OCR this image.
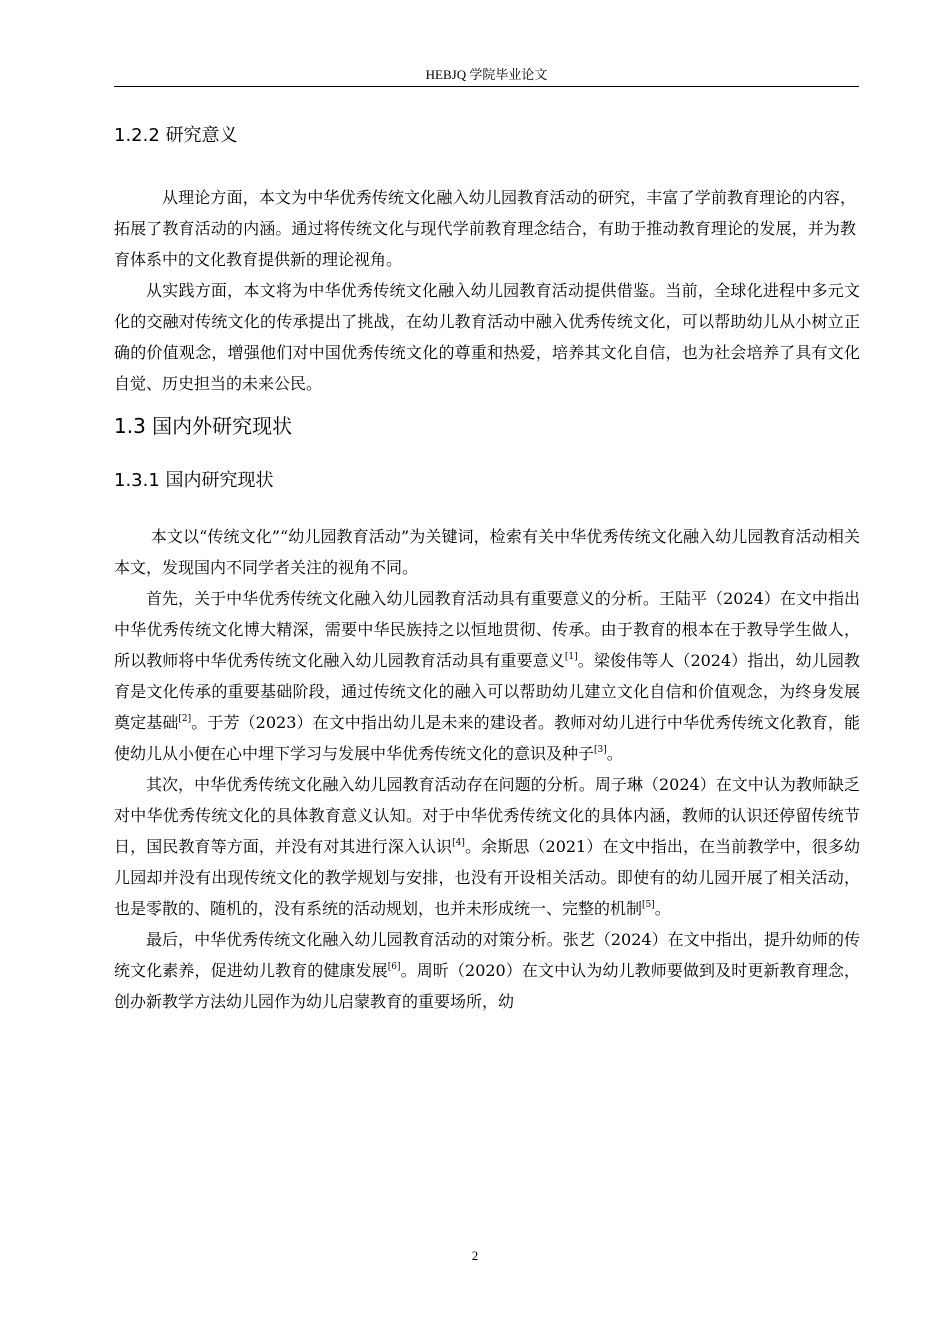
HEBJQ 学院毕业论文
1.2.2 研究意义

从理论方面，本文为中华优秀传统文化融入幼儿园教育活动的研究，丰富了学前教育理论的内容，拓展了教育活动的内涵。通过将传统文化与现代学前教育理念结合，有助于推动教育理论的发展，并为教育体系中的文化教育提供新的理论视角。

从实践方面，本文将为中华优秀传统文化融入幼儿园教育活动提供借鉴。当前，全球化进程中多元文化的交融对传统文化的传承提出了挑战，在幼儿教育活动中融入优秀传统文化，可以帮助幼儿从小树立正确的价值观念，增强他们对中国优秀传统文化的尊重和热爱，培养其文化自信，也为社会培养了具有文化自觉、历史担当的未来公民。

1.3 国内外研究现状
1.3.1 国内研究现状

本文以“传统文化”“幼儿园教育活动”为关键词，检索有关中华优秀传统文化融入幼儿园教育活动相关本文，发现国内不同学者关注的视角不同。

首先，关于中华优秀传统文化融入幼儿园教育活动具有重要意义的分析。王陆平（2024）在文中指出中华优秀传统文化博大精深，需要中华民族持之以恒地贯彻、传承。由于教育的根本在于教导学生做人，所以教师将中华优秀传统文化融入幼儿园教育活动具有重要意义[1]。梁俊伟等人（2024）指出，幼儿园教育是文化传承的重要基础阶段，通过传统文化的融入可以帮助幼儿建立文化自信和价值观念，为终身发展奠定基础[2]。于芳（2023）在文中指出幼儿是未来的建设者。教师对幼儿进行中华优秀传统文化教育，能使幼儿从小便在心中埋下学习与发展中华优秀传统文化的意识及种子[3]。

其次，中华优秀传统文化融入幼儿园教育活动存在问题的分析。周子琳（2024）在文中认为教师缺乏对中华优秀传统文化的具体教育意义认知。对于中华优秀传统文化的具体内涵，教师的认识还停留传统节日，国民教育等方面，并没有对其进行深入认识[4]。余斯思（2021）在文中指出，在当前教学中，很多幼儿园却并没有出现传统文化的教学规划与安排，也没有开设相关活动。即使有的幼儿园开展了相关活动，也是零散的、随机的，没有系统的活动规划，也并未形成统一、完整的机制[5]。

最后，中华优秀传统文化融入幼儿园教育活动的对策分析。张艺（2024）在文中指出，提升幼师的传统文化素养，促进幼儿教育的健康发展[6]。周昕（2020）在文中认为幼儿教师要做到及时更新教育理念，创办新教学方法幼儿园作为幼儿启蒙教育的重要场所，幼

2
